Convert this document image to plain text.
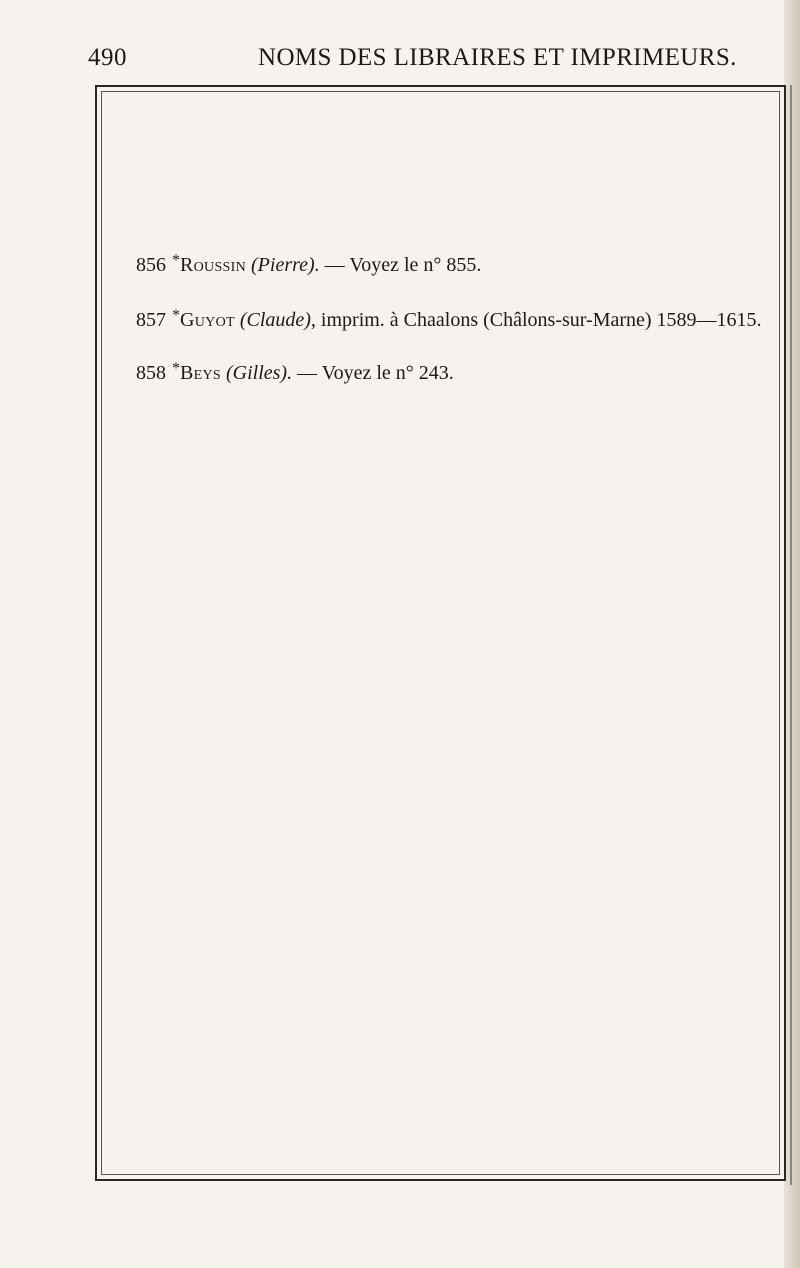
490	NOMS DES LIBRAIRES ET IMPRIMEURS.
856 *Roussin (Pierre). — Voyez le n° 855.
857 *Guyot (Claude), imprim. à Chaalons (Châlons-sur-Marne) 1589—1615.
858 *Beys (Gilles). — Voyez le n° 243.
